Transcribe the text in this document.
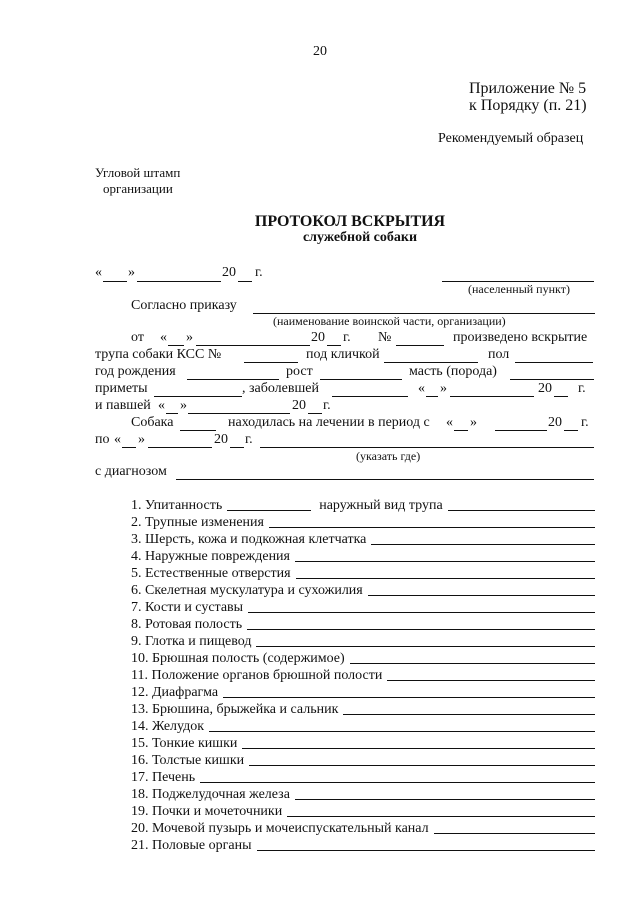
20
Приложение № 5
к Порядку (п. 21)
Рекомендуемый образец
Угловой штамп
организации
ПРОТОКОЛ ВСКРЫТИЯ
служебной собаки
« »	20 г.
(населенный пункт)
Согласно приказу
(наименование воинской части, организации)
от « »	20 г. №	произведено вскрытие
трупа собаки КСС №	под кличкой	пол
год рождения	рост	масть (порода)
приметы	, заболевшей	« »	20 г.
и павшей « »	20 г.
Собака	находилась на лечении в период с « »	20 г.
по « »	20 г.
(указать где)
с диагнозом
1. Упитанность	наружный вид трупа
2. Трупные изменения
3. Шерсть, кожа и подкожная клетчатка
4. Наружные повреждения
5. Естественные отверстия
6. Скелетная мускулатура и сухожилия
7. Кости и суставы
8. Ротовая полость
9. Глотка и пищевод
10. Брюшная полость (содержимое)
11. Положение органов брюшной полости
12. Диафрагма
13. Брюшина, брыжейка и сальник
14. Желудок
15. Тонкие кишки
16. Толстые кишки
17. Печень
18. Поджелудочная железа
19. Почки и мочеточники
20. Мочевой пузырь и мочеиспускательный канал
21. Половые органы
